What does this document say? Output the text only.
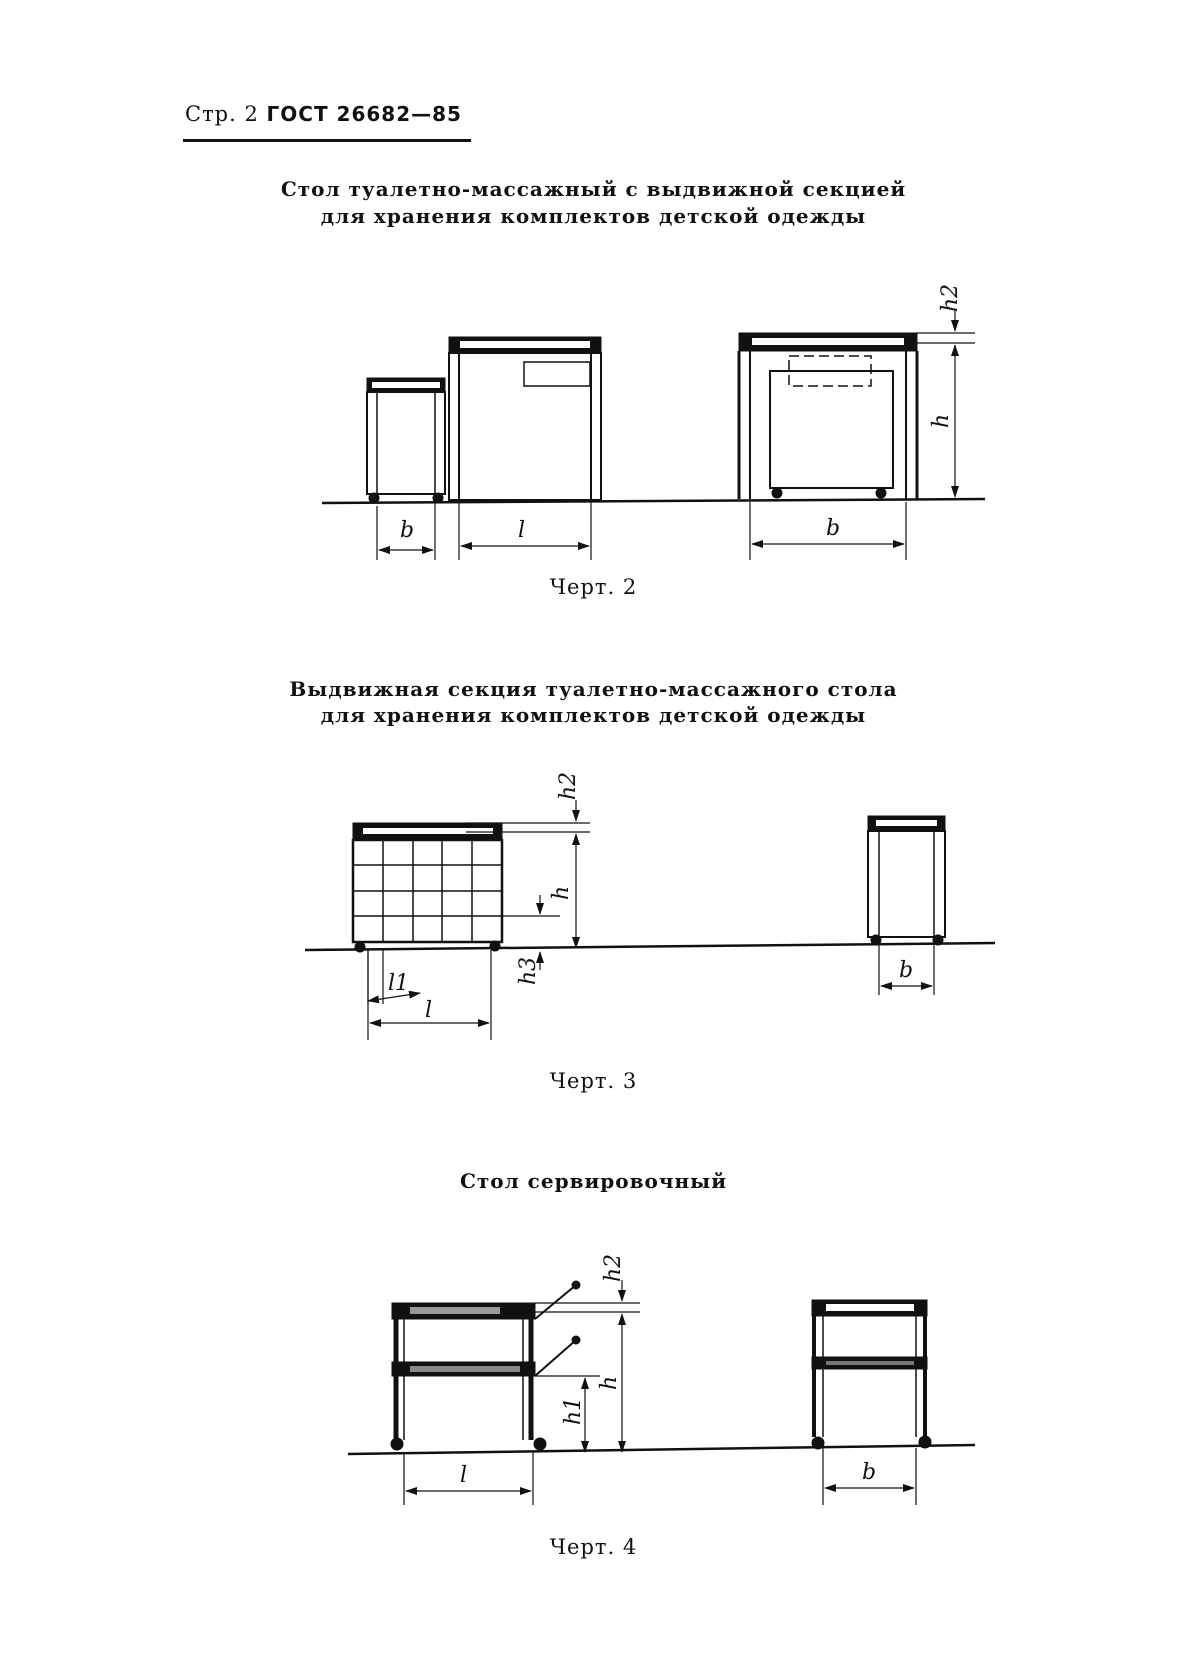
Стр. 2 ГОСТ 26682—85
Стол туалетно-массажный с выдвижной секцией
для хранения комплектов детской одежды
Черт. 2
Выдвижная секция туалетно-массажного стола
для хранения комплектов детской одежды
Черт. 3
Стол сервировочный
Черт. 4
b	l	b
h
h2
h2
h
h3
l1
l
b
h2
h
h1
l	b
